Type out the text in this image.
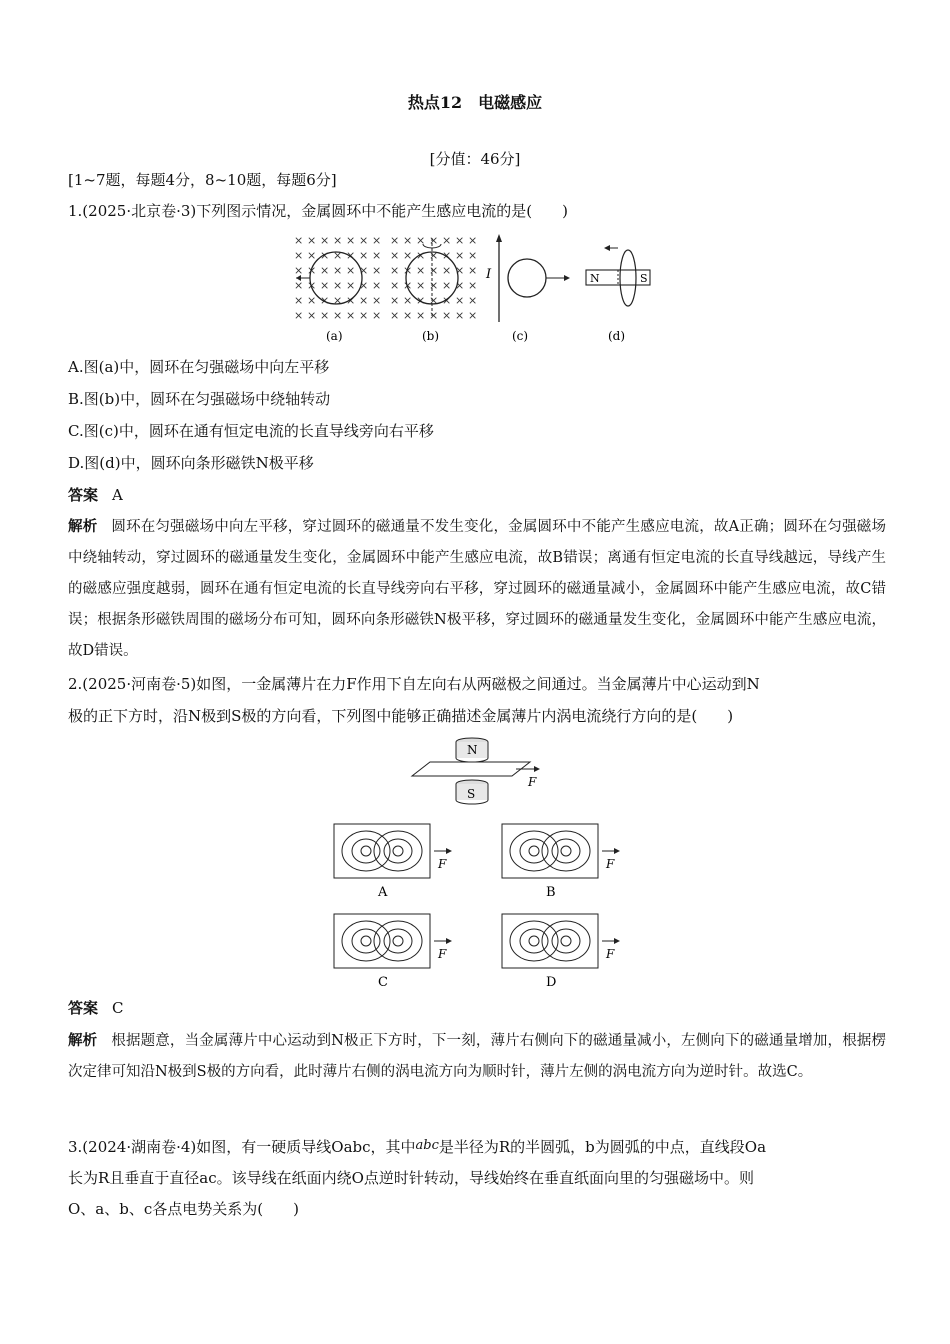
热点12　电磁感应
[分值：46分]
[1~7题，每题4分，8~10题，每题6分]
1.(2025·北京卷·3)下列图示情况，金属圆环中不能产生感应电流的是(　　)
× × × × × × ×
× × × × × × ×
× × × × × × ×
× × × × × × ×
× × × × × × ×
× × × × × × ×
(a)
× × × × × × ×
× × × × × × ×
× × × × × × ×
× × × × × × ×
× × × × × × ×
× × × × × × ×
(b)
I
(c)
N	S
(d)
A.图(a)中，圆环在匀强磁场中向左平移
B.图(b)中，圆环在匀强磁场中绕轴转动
C.图(c)中，圆环在通有恒定电流的长直导线旁向右平移
D.图(d)中，圆环向条形磁铁N极平移
答案 A
解析 圆环在匀强磁场中向左平移，穿过圆环的磁通量不发生变化，金属圆环中不能产生感应电流，故A正确；圆环在匀强磁场中绕轴转动，穿过圆环的磁通量发生变化，金属圆环中能产生感应电流，故B错误；离通有恒定电流的长直导线越远，导线产生的磁感应强度越弱，圆环在通有恒定电流的长直导线旁向右平移，穿过圆环的磁通量减小，金属圆环中能产生感应电流，故C错误；根据条形磁铁周围的磁场分布可知，圆环向条形磁铁N极平移，穿过圆环的磁通量发生变化，金属圆环中能产生感应电流，故D错误。
2.(2025·河南卷·5)如图，一金属薄片在力F作用下自左向右从两磁极之间通过。当金属薄片中心运动到N
极的正下方时，沿N极到S极的方向看，下列图中能够正确描述金属薄片内涡电流绕行方向的是(　　)
N
F
S
F
A
F
B
F
C
F
D
答案 C
解析 根据题意，当金属薄片中心运动到N极正下方时，下一刻，薄片右侧向下的磁通量减小，左侧向下的磁通量增加，根据楞次定律可知沿N极到S极的方向看，此时薄片右侧的涡电流方向为顺时针，薄片左侧的涡电流方向为逆时针。故选C。
3.(2024·湖南卷·4)如图，有一硬质导线Oabc，其中abc是半径为R的半圆弧，b为圆弧的中点，直线段Oa
长为R且垂直于直径ac。该导线在纸面内绕O点逆时针转动，导线始终在垂直纸面向里的匀强磁场中。则
O、a、b、c各点电势关系为(　　)
